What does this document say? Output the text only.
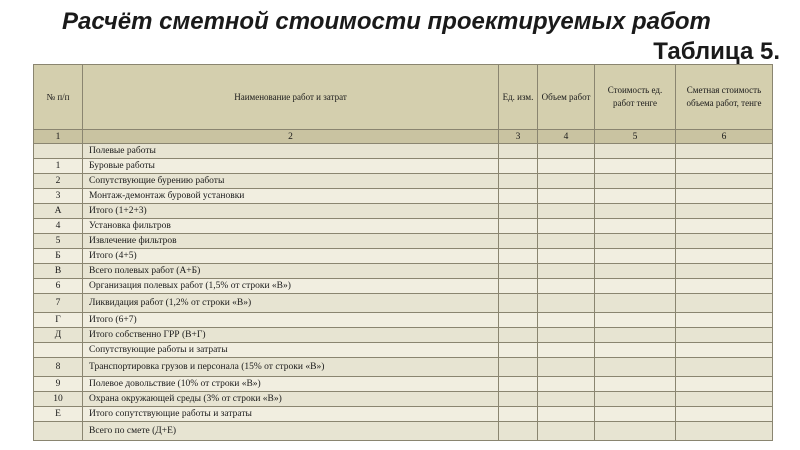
Расчёт сметной стоимости проектируемых работ
Таблица 5.
№ п/п	Наименование работ и затрат	Ед. изм.	Объем работ	Стоимость ед. работ тенге	Сметная стоимость объема работ, тенге
1	2	3	4	5	6
	Полевые работы				
1	Буровые работы				
2	Сопутствующие бурению работы				
3	Монтаж-демонтаж буровой установки				
А	Итого (1+2+3)				
4	Установка фильтров				
5	Извлечение фильтров				
Б	Итого (4+5)				
В	Всего полевых работ (А+Б)				
6	Организация полевых работ (1,5% от строки «В»)				
7	Ликвидация работ (1,2% от строки «В»)				
Г	Итого (6+7)				
Д	Итого собственно ГРР (В+Г)				
	Сопутствующие работы и затраты				
8	Транспортировка грузов и персонала (15% от строки «В»)				
9	Полевое довольствие (10% от строки «В»)				
10	Охрана окружающей среды (3% от строки «В»)				
Е	Итого сопутствующие работы и затраты				
	Всего по смете (Д+Е)				
